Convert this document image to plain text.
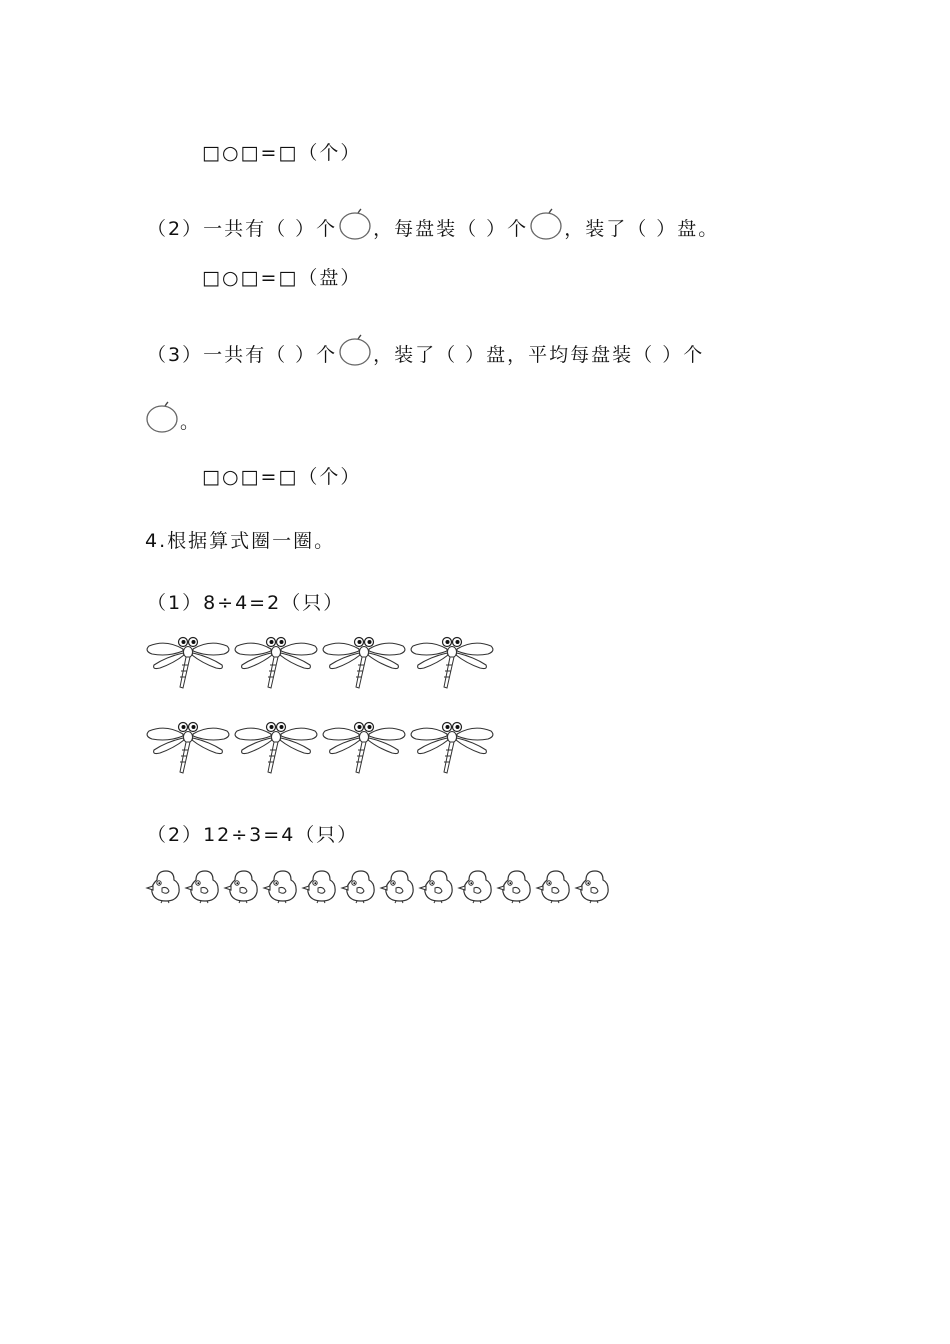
□○□=□（个）
（2）一共有（ ）个 ，每盘装（ ）个 ，装了（ ）盘。
□○□=□（盘）
（3）一共有（ ）个 ，装了（ ）盘，平均每盘装（ ）个
。
□○□=□（个）
4.根据算式圈一圈。
（1）8÷4=2（只）
（2）12÷3=4（只）
